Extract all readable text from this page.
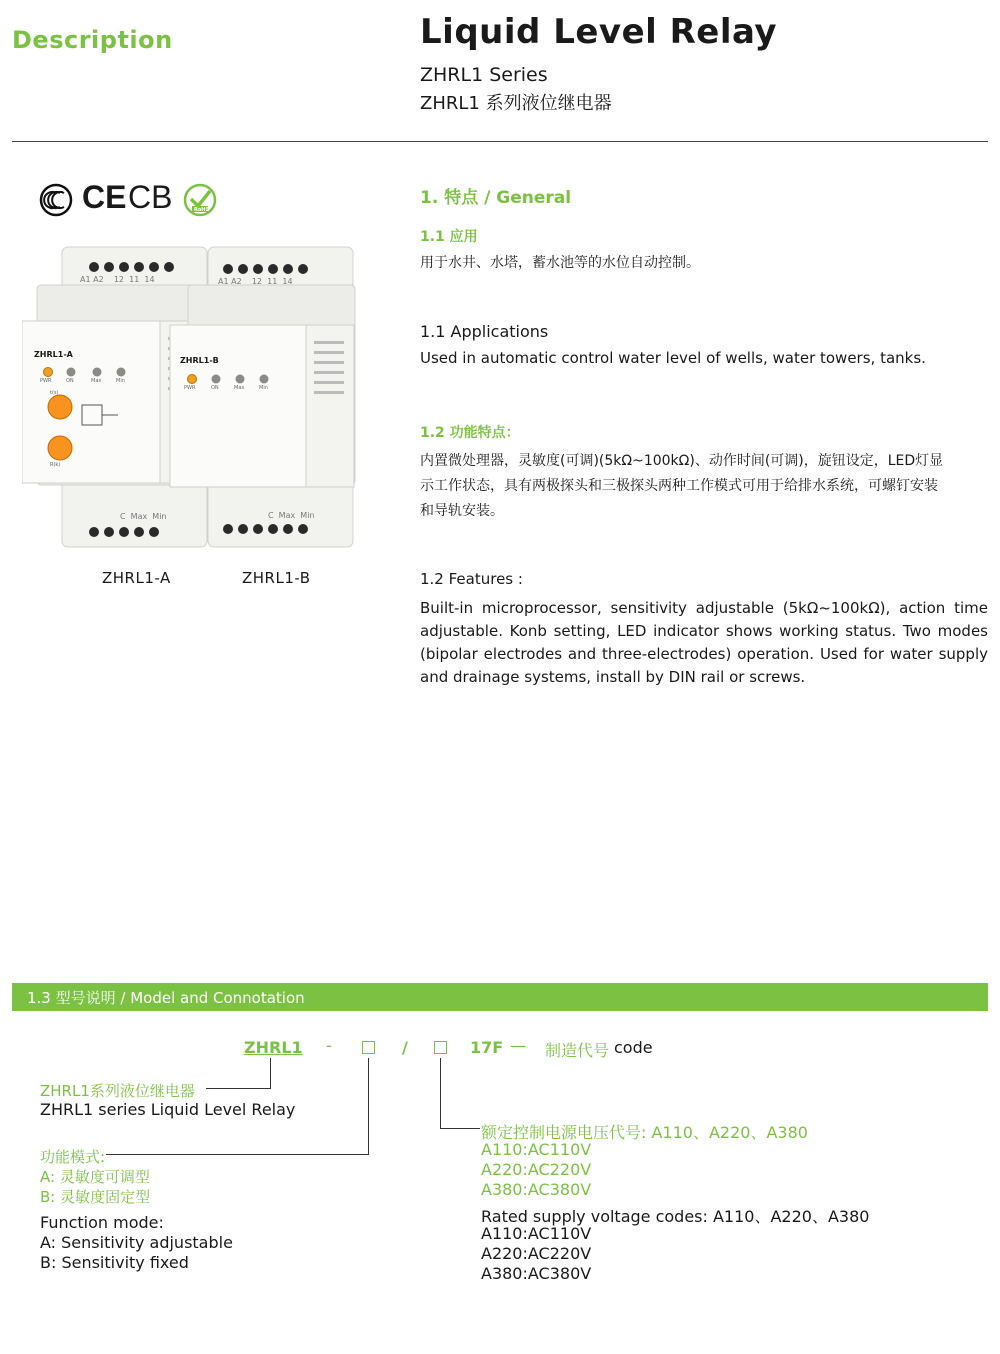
Description	Liquid Level Relay
ZHRL1 Series
ZHRL1 系列液位继电器
CE CB	RoHS
A1 A2    12  11  14
ZHRL1-A
PWR	ON	Max	Min
t(s)
R(k)
C  Max  Min
ZHRL1-A
A1 A2    12  11  14
ZHRL1-B
PWR	ON	Max	Min
C  Max  Min
ZHRL1-B
1. 特点 / General
1.1 应用
用于水井、水塔，蓄水池等的水位自动控制。
1.1 Applications
Used in automatic control water level of wells, water towers, tanks.
1.2 功能特点：
内置微处理器，灵敏度(可调)(5kΩ~100kΩ)、动作时间(可调)，旋钮设定，LED灯显
示工作状态，具有两极探头和三极探头两种工作模式可用于给排水系统，可螺钉安装
和导轨安装。
1.2 Features :
Built-in microprocessor, sensitivity adjustable (5kΩ~100kΩ), action time adjustable. Konb setting, LED indicator shows working status. Two modes (bipolar electrodes and three-electrodes) operation. Used for water supply and drainage systems, install by DIN rail or screws.
1.3 型号说明 / Model and Connotation
ZHRL1 -	/	17F — 制造代号 code
ZHRL1系列液位继电器
ZHRL1 series Liquid Level Relay
功能模式:
A: 灵敏度可调型
B: 灵敏度固定型
Function mode:
A: Sensitivity adjustable
B: Sensitivity fixed
额定控制电源电压代号: A110、A220、A380
A110:AC110V
A220:AC220V
A380:AC380V
Rated supply voltage codes: A110、A220、A380
A110:AC110V
A220:AC220V
A380:AC380V
